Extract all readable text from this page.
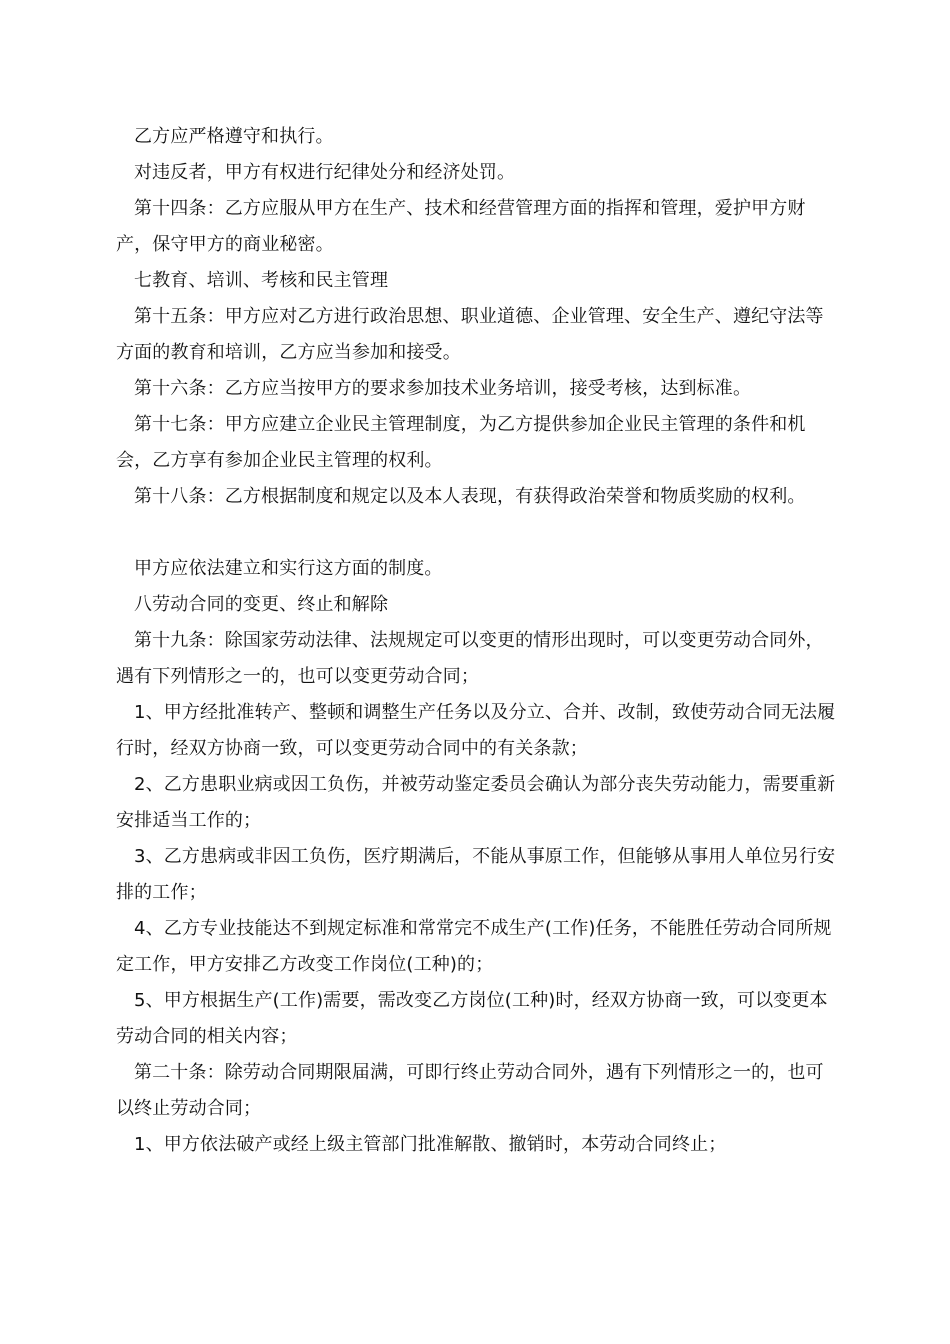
乙方应严格遵守和执行。

对违反者，甲方有权进行纪律处分和经济处罚。

第十四条：乙方应服从甲方在生产、技术和经营管理方面的指挥和管理，爱护甲方财产，保守甲方的商业秘密。

七教育、培训、考核和民主管理

第十五条：甲方应对乙方进行政治思想、职业道德、企业管理、安全生产、遵纪守法等方面的教育和培训，乙方应当参加和接受。

第十六条：乙方应当按甲方的要求参加技术业务培训，接受考核，达到标准。

第十七条：甲方应建立企业民主管理制度，为乙方提供参加企业民主管理的条件和机会，乙方享有参加企业民主管理的权利。

第十八条：乙方根据制度和规定以及本人表现，有获得政治荣誉和物质奖励的权利。

甲方应依法建立和实行这方面的制度。

八劳动合同的变更、终止和解除

第十九条：除国家劳动法律、法规规定可以变更的情形出现时，可以变更劳动合同外，遇有下列情形之一的，也可以变更劳动合同；

1、甲方经批准转产、整顿和调整生产任务以及分立、合并、改制，致使劳动合同无法履行时，经双方协商一致，可以变更劳动合同中的有关条款；

2、乙方患职业病或因工负伤，并被劳动鉴定委员会确认为部分丧失劳动能力，需要重新安排适当工作的；

3、乙方患病或非因工负伤，医疗期满后，不能从事原工作，但能够从事用人单位另行安排的工作；

4、乙方专业技能达不到规定标准和常常完不成生产(工作)任务，不能胜任劳动合同所规定工作，甲方安排乙方改变工作岗位(工种)的；

5、甲方根据生产(工作)需要，需改变乙方岗位(工种)时，经双方协商一致，可以变更本劳动合同的相关内容；

第二十条：除劳动合同期限届满，可即行终止劳动合同外，遇有下列情形之一的，也可以终止劳动合同；

1、甲方依法破产或经上级主管部门批准解散、撤销时，本劳动合同终止；
